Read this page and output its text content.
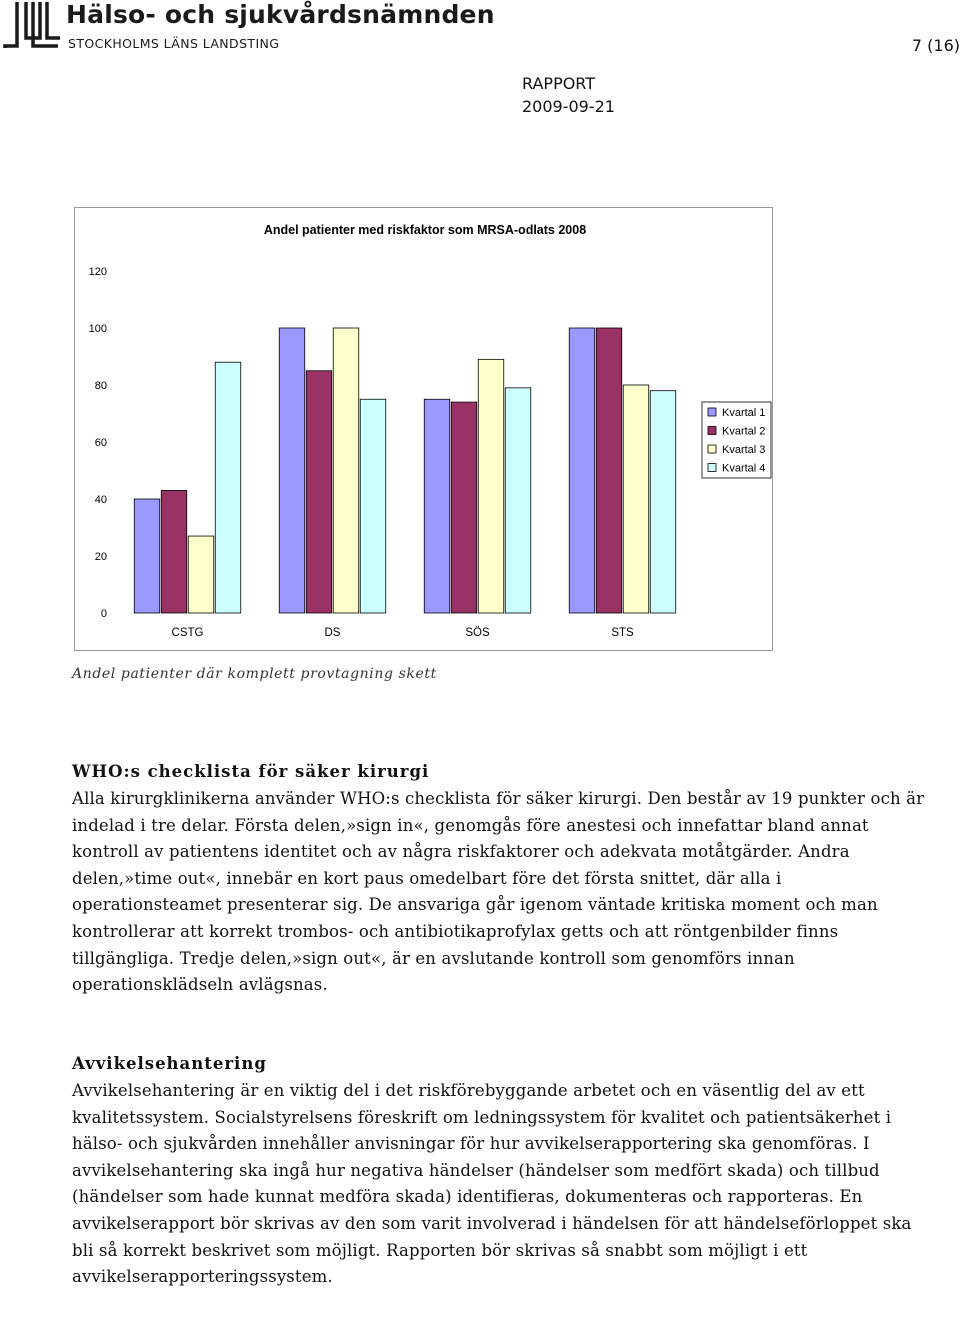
Hälso- och sjukvårdsnämnden
STOCKHOLMS LÄNS LANDSTING	7 (16)
RAPPORT
2009-09-21
Andel patienter med riskfaktor som MRSA-odlats 2008
0
20
40
60
80
100
120
CSTG	DS	SÖS	STS
Kvartal 1
Kvartal 2
Kvartal 3
Kvartal 4
Andel patienter där komplett provtagning skett
WHO:s checklista för säker kirurgi

Alla kirurgklinikerna använder WHO:s checklista för säker kirurgi. Den består av 19 punkter och är indelad i tre delar. Första delen,»sign in«, genomgås före anestesi och innefattar bland annat kontroll av patientens identitet och av några riskfaktorer och adekvata motåtgärder. Andra delen,»time out«, innebär en kort paus omedelbart före det första snittet, där alla i operationsteamet presenterar sig. De ansvariga går igenom väntade kritiska moment och man kontrollerar att korrekt trombos- och antibiotikaprofylax getts och att röntgenbilder finns tillgängliga. Tredje delen,»sign out«, är en avslutande kontroll som genomförs innan operationsklädseln avlägsnas.

Avvikelsehantering

Avvikelsehantering är en viktig del i det riskförebyggande arbetet och en väsentlig del av ett kvalitetssystem. Socialstyrelsens föreskrift om ledningssystem för kvalitet och patientsäkerhet i hälso- och sjukvården innehåller anvisningar för hur avvikelserapportering ska genomföras. I avvikelsehantering ska ingå hur negativa händelser (händelser som medfört skada) och tillbud (händelser som hade kunnat medföra skada) identifieras, dokumenteras och rapporteras. En avvikelserapport bör skrivas av den som varit involverad i händelsen för att händelseförloppet ska bli så korrekt beskrivet som möjligt. Rapporten bör skrivas så snabbt som möjligt i ett avvikelserapporteringssystem.
